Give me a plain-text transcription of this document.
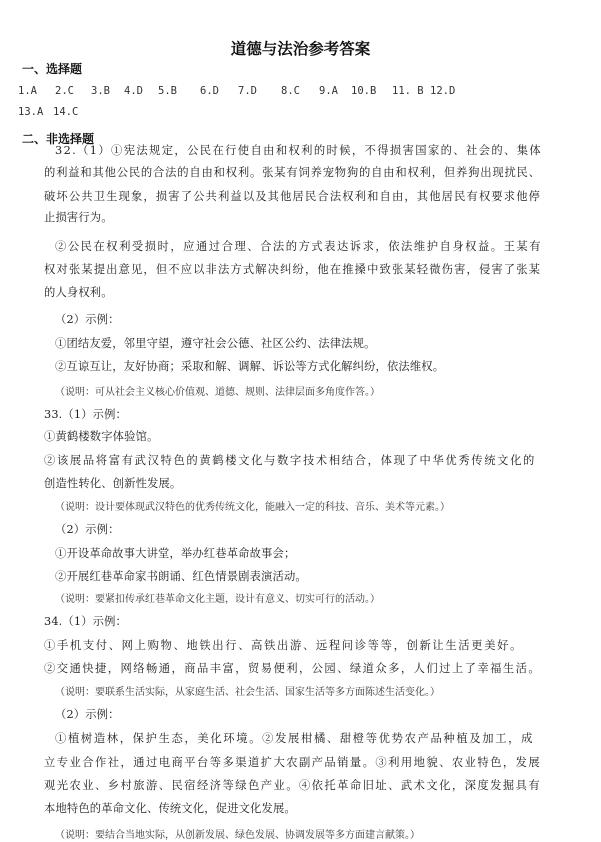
道德与法治参考答案
一、选择题
1.A 2.C 3.B 4.D 5.B 6.D 7.D 8.C 9.A 10.B 11. B 12.D
13.A 14.C
二、非选择题
32.（1）①宪法规定，公民在行使自由和权利的时候，不得损害国家的、社会的、集体
的利益和其他公民的合法的自由和权利。张某有饲养宠物狗的自由和权利，但养狗出现扰民、
破坏公共卫生现象，损害了公共利益以及其他居民合法权利和自由，其他居民有权要求他停
止损害行为。
②公民在权利受损时，应通过合理、合法的方式表达诉求，依法维护自身权益。王某有
权对张某提出意见，但不应以非法方式解决纠纷，他在推搡中致张某轻微伤害，侵害了张某
的人身权利。
（2）示例：
①团结友爱，邻里守望，遵守社会公德、社区公约、法律法规。
②互谅互让，友好协商；采取和解、调解、诉讼等方式化解纠纷，依法维权。
（说明：可从社会主义核心价值观、道德、规则、法律层面多角度作答。）
33.（1）示例：
①黄鹤楼数字体验馆。
②该展品将富有武汉特色的黄鹤楼文化与数字技术相结合，体现了中华优秀传统文化的
创造性转化、创新性发展。
（说明：设计要体现武汉特色的优秀传统文化，能融入一定的科技、音乐、美术等元素。）
（2）示例：
①开设革命故事大讲堂，举办红巷革命故事会；
②开展红巷革命家书朗诵、红色情景剧表演活动。
（说明：要紧扣传承红巷革命文化主题，设计有意义、切实可行的活动。）
34.（1）示例：
①手机支付、网上购物、地铁出行、高铁出游、远程问诊等等，创新让生活更美好。
②交通快捷，网络畅通，商品丰富，贸易便利，公园、绿道众多，人们过上了幸福生活。
（说明：要联系生活实际，从家庭生活、社会生活、国家生活等多方面陈述生活变化。）
（2）示例：
①植树造林，保护生态，美化环境。②发展柑橘、甜橙等优势农产品种植及加工，成
立专业合作社，通过电商平台等多渠道扩大农副产品销量。③利用地貌、农业特色，发展
观光农业、乡村旅游、民宿经济等绿色产业。④依托革命旧址、武术文化，深度发掘具有
本地特色的革命文化、传统文化，促进文化发展。
（说明：要结合当地实际，从创新发展、绿色发展、协调发展等多方面建言献策。）
